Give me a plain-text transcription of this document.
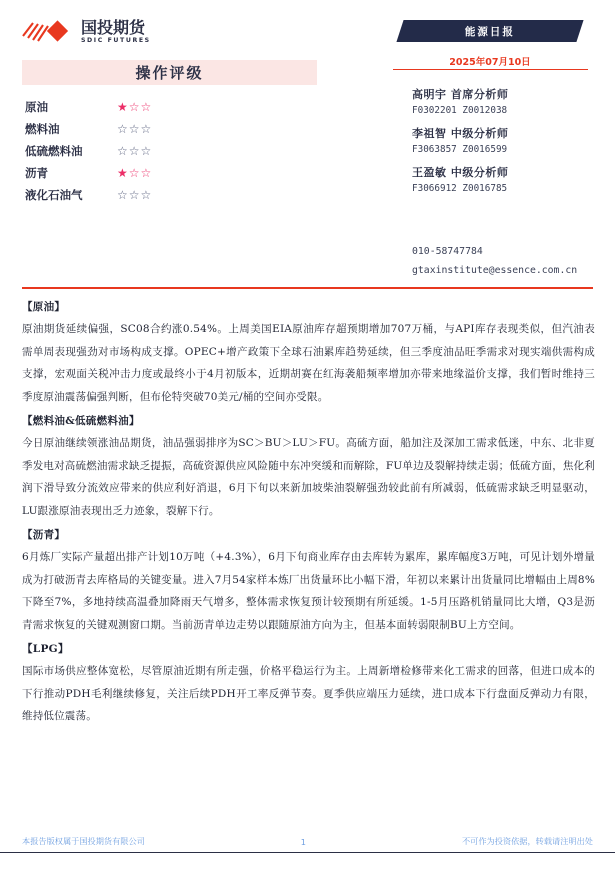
国投期货
SDIC FUTURES
操作评级
原油	★☆☆
燃料油	☆☆☆
低硫燃料油	☆☆☆
沥青	★☆☆
液化石油气	☆☆☆
能源日报
2025年07月10日
高明宇 首席分析师
F0302201 Z0012038
李祖智 中级分析师
F3063857 Z0016599
王盈敏 中级分析师
F3066912 Z0016785
010-58747784
gtaxinstitute@essence.com.cn
【原油】
原油期货延续偏强，SC08合约涨0.54%。上周美国EIA原油库存超预期增加707万桶，与API库存表现类似，但汽油表需单周表现强劲对市场构成支撑。OPEC+增产政策下全球石油累库趋势延续，但三季度油品旺季需求对现实端供需构成支撑，宏观面关税冲击力度或最终小于4月初版本，近期胡赛在红海袭船频率增加亦带来地缘溢价支撑，我们暂时维持三季度原油震荡偏强判断，但布伦特突破70美元/桶的空间亦受限。
【燃料油&低硫燃料油】
今日原油继续领涨油品期货，油品强弱排序为SC＞BU＞LU＞FU。高硫方面，船加注及深加工需求低迷，中东、北非夏季发电对高硫燃油需求缺乏提振，高硫资源供应风险随中东冲突缓和而解除，FU单边及裂解持续走弱；低硫方面，焦化利润下滑导致分流效应带来的供应利好消退，6月下旬以来新加坡柴油裂解强劲较此前有所减弱，低硫需求缺乏明显驱动，LU跟涨原油表现出乏力迹象，裂解下行。
【沥青】
6月炼厂实际产量超出排产计划10万吨（+4.3%），6月下旬商业库存由去库转为累库，累库幅度3万吨，可见计划外增量成为打破沥青去库格局的关键变量。进入7月54家样本炼厂出货量环比小幅下滑，年初以来累计出货量同比增幅由上周8%下降至7%，多地持续高温叠加降雨天气增多，整体需求恢复预计较预期有所延缓。1-5月压路机销量同比大增，Q3是沥青需求恢复的关键观测窗口期。当前沥青单边走势以跟随原油方向为主，但基本面转弱限制BU上方空间。
【LPG】
国际市场供应整体宽松，尽管原油近期有所走强，价格平稳运行为主。上周新增检修带来化工需求的回落，但进口成本的下行推动PDH毛利继续修复，关注后续PDH开工率反弹节奏。夏季供应端压力延续，进口成本下行盘面反弹动力有限，维持低位震荡。
本报告版权属于国投期货有限公司	1	不可作为投资依据，转载请注明出处
